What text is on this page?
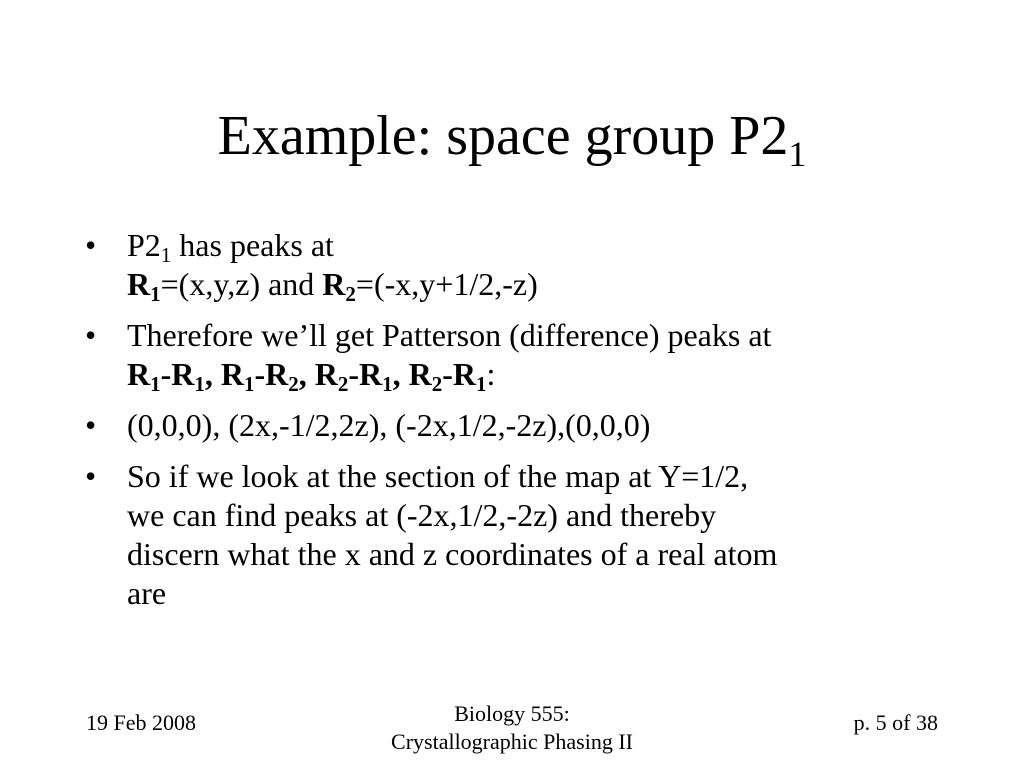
Example: space group $P2_1$
• $P2_1$ has peaks at
$R_1=(x,y,z)$ and $R_2=(-x,y+1/2,-z)$
• Therefore we’ll get Patterson (difference) peaks at
$R_1-R_1$, $R_1-R_2$, $R_2-R_1$, $R_2-R_1$:
• (0,0,0), (2x,-1/2,2z), (-2x,1/2,-2z),(0,0,0)
• So if we look at the section of the map at Y=1/2,
we can find peaks at (-2x,1/2,-2z) and thereby
discern what the x and z coordinates of a real atom
are
19 Feb 2008	Biology 555:
Crystallographic Phasing II
p. 5 of 38
